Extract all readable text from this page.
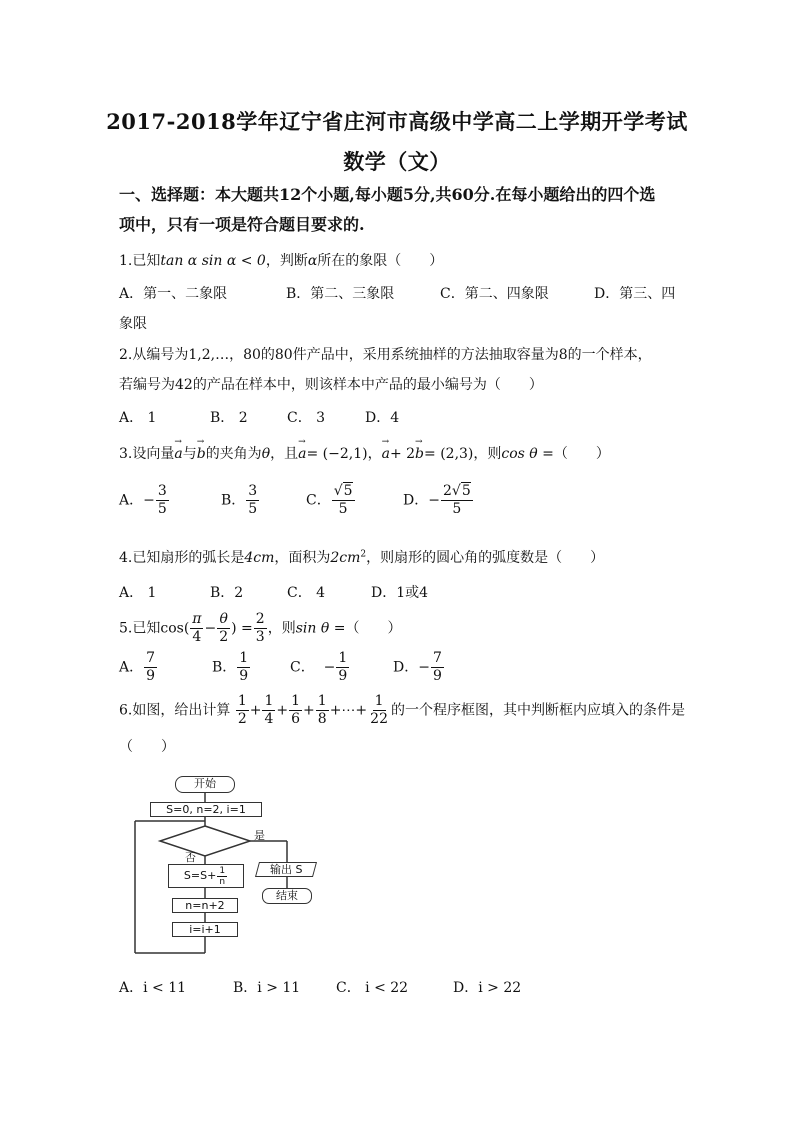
2017-2018学年辽宁省庄河市高级中学高二上学期开学考试
数学（文）
一、选择题：本大题共12个小题,每小题5分,共60分.在每小题给出的四个选
项中，只有一项是符合题目要求的.
1.已知tan α sin α < 0，判断α所在的象限（　　）
A．第一、二象限	B．第二、三象限	C．第二、四象限	D．第三、四
象限
2.从编号为1,2,…，80的80件产品中，采用系统抽样的方法抽取容量为8的一个样本，
若编号为42的产品在样本中，则该样本中产品的最小编号为（　　）
A． 1	B． 2	C． 3	D．4
3.设向量→ a与→ b的夹角为θ，且→ a= (−2,1)，→ a+ 2→ b= (2,3)，则cos θ =（　　）
A．− $\frac{3}{5}$	B． $\frac{3}{5}$	C． $\frac{√5}{5}$	D．− $\frac{2√5}{5}$
4.已知扇形的弧长是4cm，面积为$2cm^2$，则扇形的圆心角的弧度数是（　　）
A． 1	B．2	C． 4	D．1或4
5.已知$\cos( \frac{\pi}{4} - \frac{\theta}{2}$ ) = $\frac{2}{3}$ ，则sin θ =（　　）
A． $\frac{7}{9}$	B． $\frac{1}{9}$	C． − $\frac{1}{9}$	D．− $\frac{7}{9}$
6.如图，给出计算 $\frac{1}{2} + \frac{1}{4} + \frac{1}{6} + \frac{1}{8}$ +⋯+ $\frac{1}{22}$ 的一个程序框图，其中判断框内应填入的条件是
（　　）
开始
S=0, n=2, i=1
是
否
$S=S+ \frac{1}{n}$	输出 S
结束
n=n+2
i=i+1
A．i < 11	B．i > 11	C． i < 22	D．i > 22
